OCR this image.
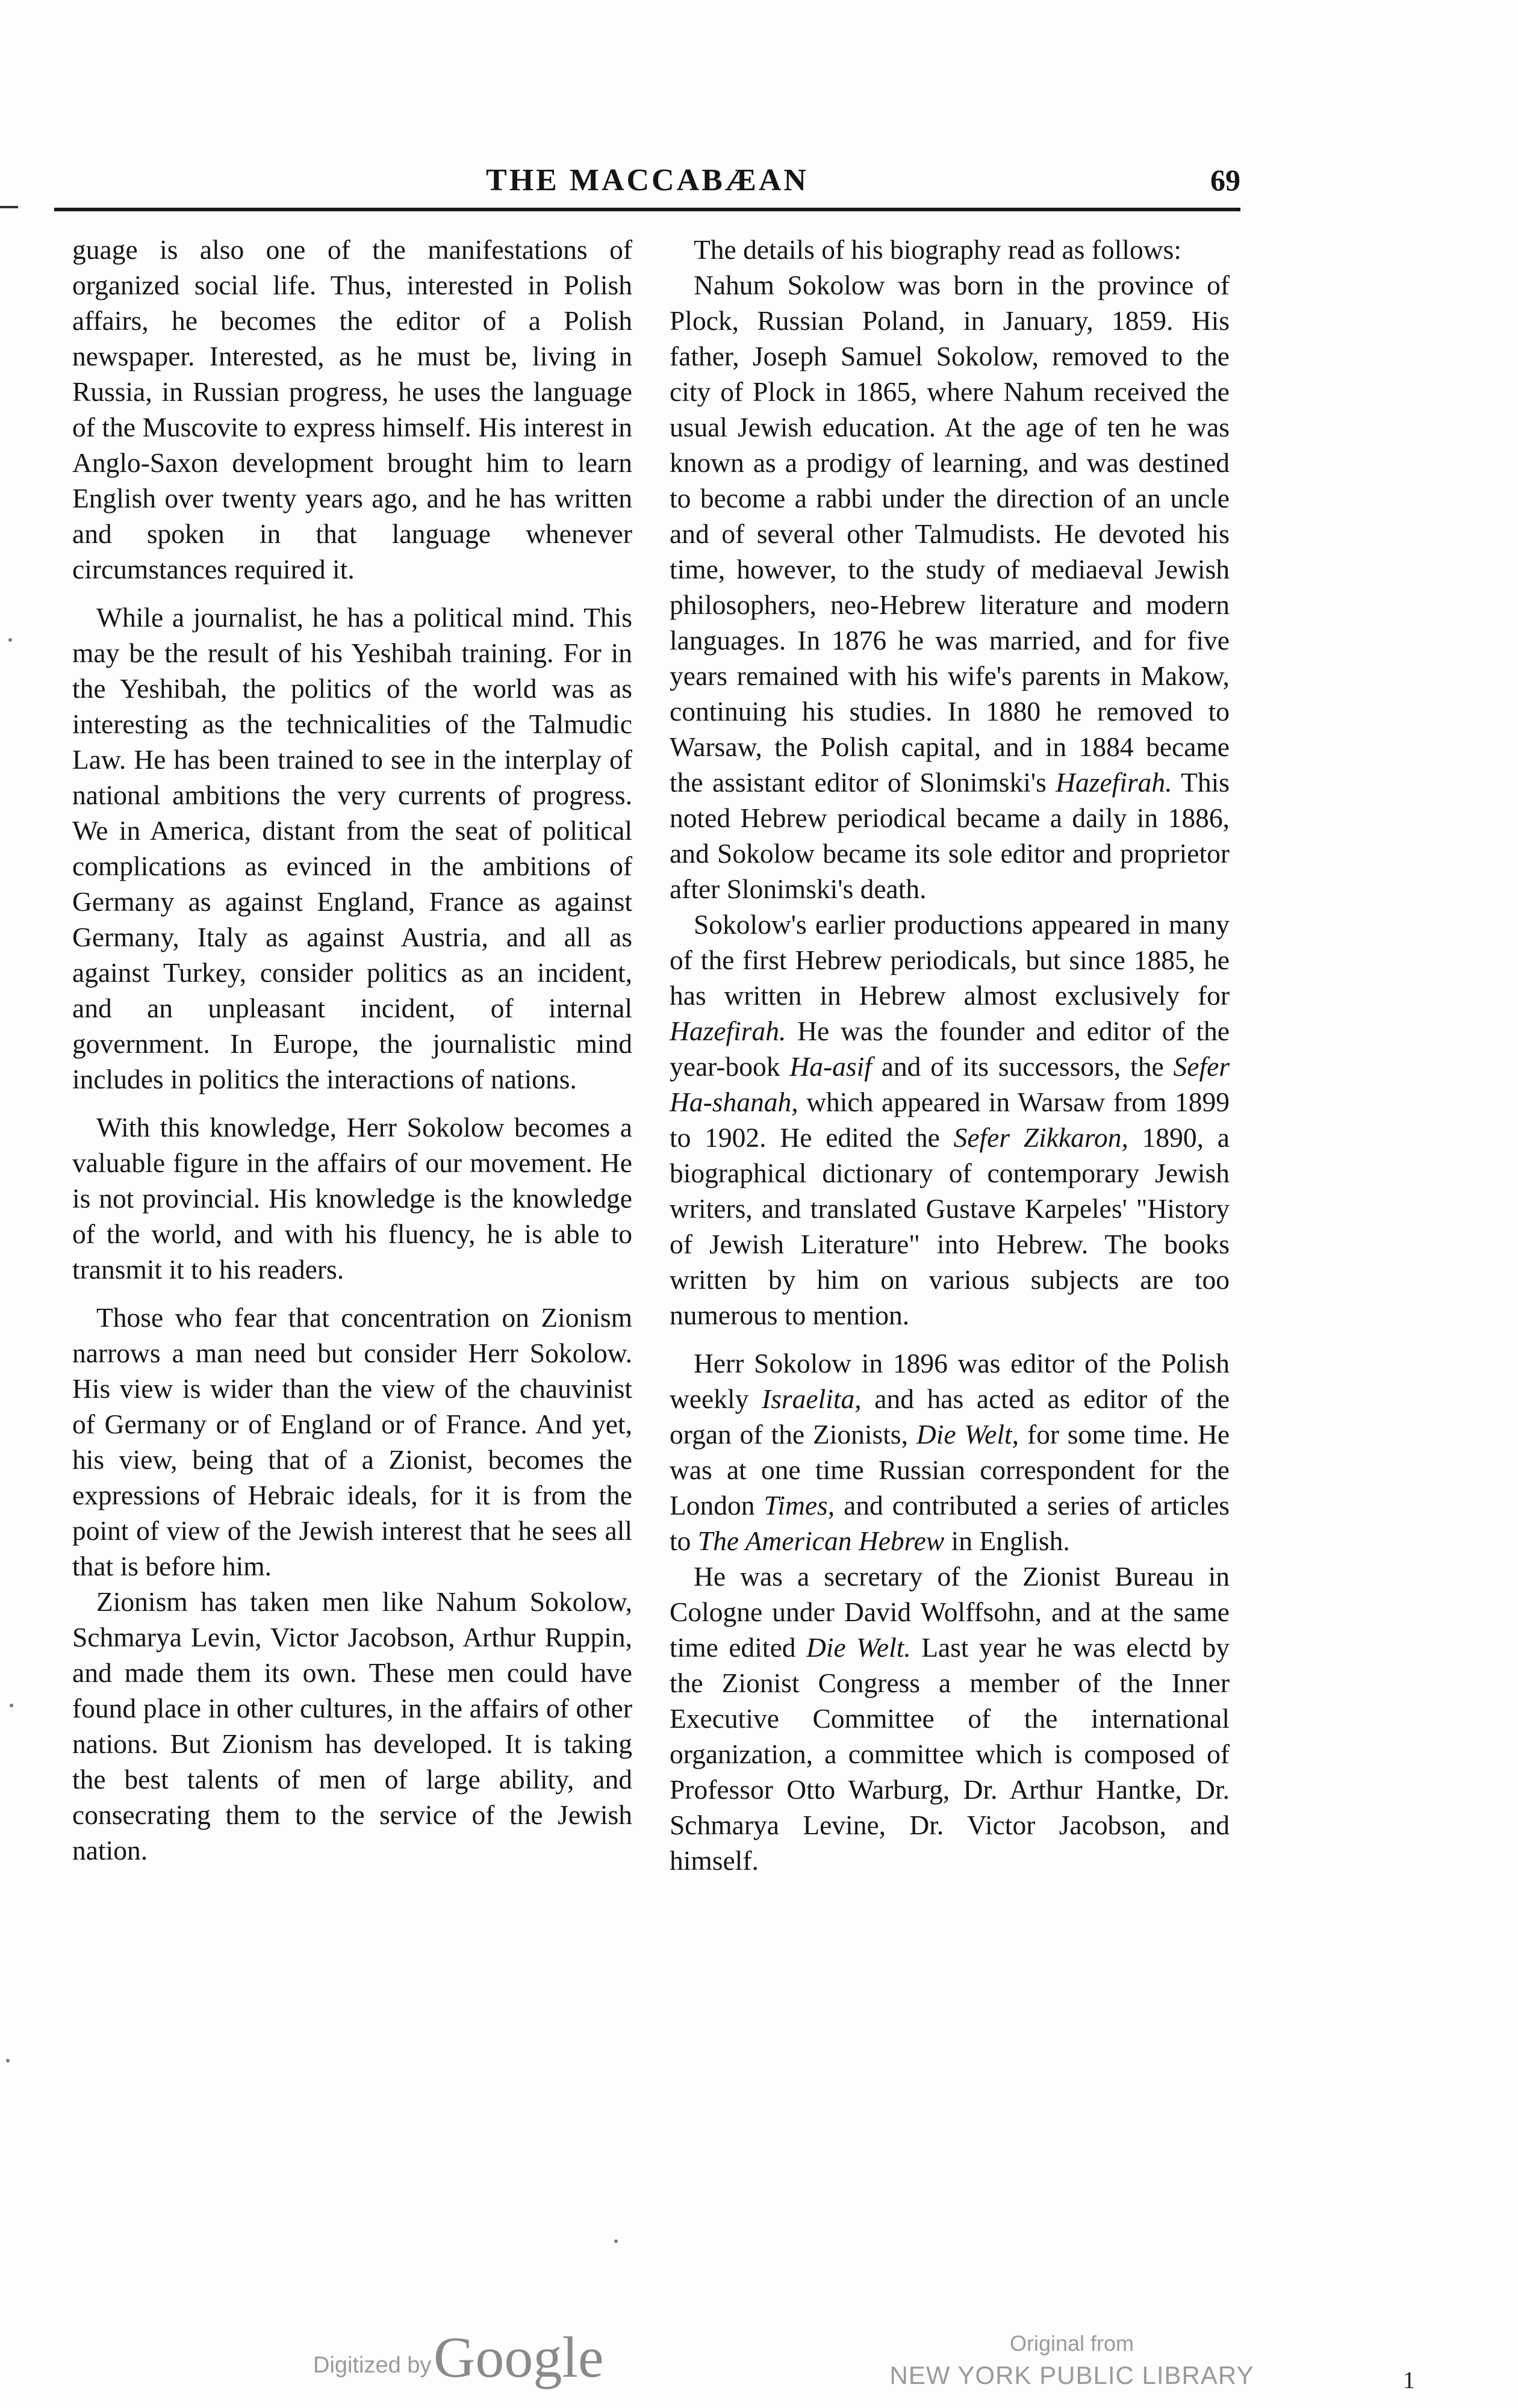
THE MACCABÆAN	69

guage is also one of the manifestations of organized social life. Thus, interested in Polish affairs, he becomes the editor of a Polish newspaper. Interested, as he must be, living in Russia, in Russian progress, he uses the language of the Muscovite to express himself. His interest in Anglo-Saxon development brought him to learn English over twenty years ago, and he has written and spoken in that language whenever circumstances required it.

While a journalist, he has a political mind. This may be the result of his Yeshibah training. For in the Yeshibah, the politics of the world was as interesting as the technicalities of the Talmudic Law. He has been trained to see in the interplay of national ambitions the very currents of progress. We in America, distant from the seat of political complications as evinced in the ambitions of Germany as against England, France as against Germany, Italy as against Austria, and all as against Turkey, consider politics as an incident, and an unpleasant incident, of internal government. In Europe, the journalistic mind includes in politics the interactions of nations.

With this knowledge, Herr Sokolow becomes a valuable figure in the affairs of our movement. He is not provincial. His knowledge is the knowledge of the world, and with his fluency, he is able to transmit it to his readers.

Those who fear that concentration on Zionism narrows a man need but consider Herr Sokolow. His view is wider than the view of the chauvinist of Germany or of England or of France. And yet, his view, being that of a Zionist, becomes the expressions of Hebraic ideals, for it is from the point of view of the Jewish interest that he sees all that is before him.

Zionism has taken men like Nahum Sokolow, Schmarya Levin, Victor Jacobson, Arthur Ruppin, and made them its own. These men could have found place in other cultures, in the affairs of other nations. But Zionism has developed. It is taking the best talents of men of large ability, and consecrating them to the service of the Jewish nation.

The details of his biography read as follows:

Nahum Sokolow was born in the province of Plock, Russian Poland, in January, 1859. His father, Joseph Samuel Sokolow, removed to the city of Plock in 1865, where Nahum received the usual Jewish education. At the age of ten he was known as a prodigy of learning, and was destined to become a rabbi under the direction of an uncle and of several other Talmudists. He devoted his time, however, to the study of mediaeval Jewish philosophers, neo-Hebrew literature and modern languages. In 1876 he was married, and for five years remained with his wife's parents in Makow, continuing his studies. In 1880 he removed to Warsaw, the Polish capital, and in 1884 became the assistant editor of Slonimski's Hazefirah. This noted Hebrew periodical became a daily in 1886, and Sokolow became its sole editor and proprietor after Slonimski's death.

Sokolow's earlier productions appeared in many of the first Hebrew periodicals, but since 1885, he has written in Hebrew almost exclusively for Hazefirah. He was the founder and editor of the year-book Ha-asif and of its successors, the Sefer Ha-shanah, which appeared in Warsaw from 1899 to 1902. He edited the Sefer Zikkaron, 1890, a biographical dictionary of contemporary Jewish writers, and translated Gustave Karpeles' "History of Jewish Literature" into Hebrew. The books written by him on various subjects are too numerous to mention.

Herr Sokolow in 1896 was editor of the Polish weekly Israelita, and has acted as editor of the organ of the Zionists, Die Welt, for some time. He was at one time Russian correspondent for the London Times, and contributed a series of articles to The American Hebrew in English.

He was a secretary of the Zionist Bureau in Cologne under David Wolffsohn, and at the same time edited Die Welt. Last year he was electd by the Zionist Congress a member of the Inner Executive Committee of the international organization, a committee which is composed of Professor Otto Warburg, Dr. Arthur Hantke, Dr. Schmarya Levine, Dr. Victor Jacobson, and himself.

Digitized by Google	Original from
NEW YORK PUBLIC LIBRARY	1
